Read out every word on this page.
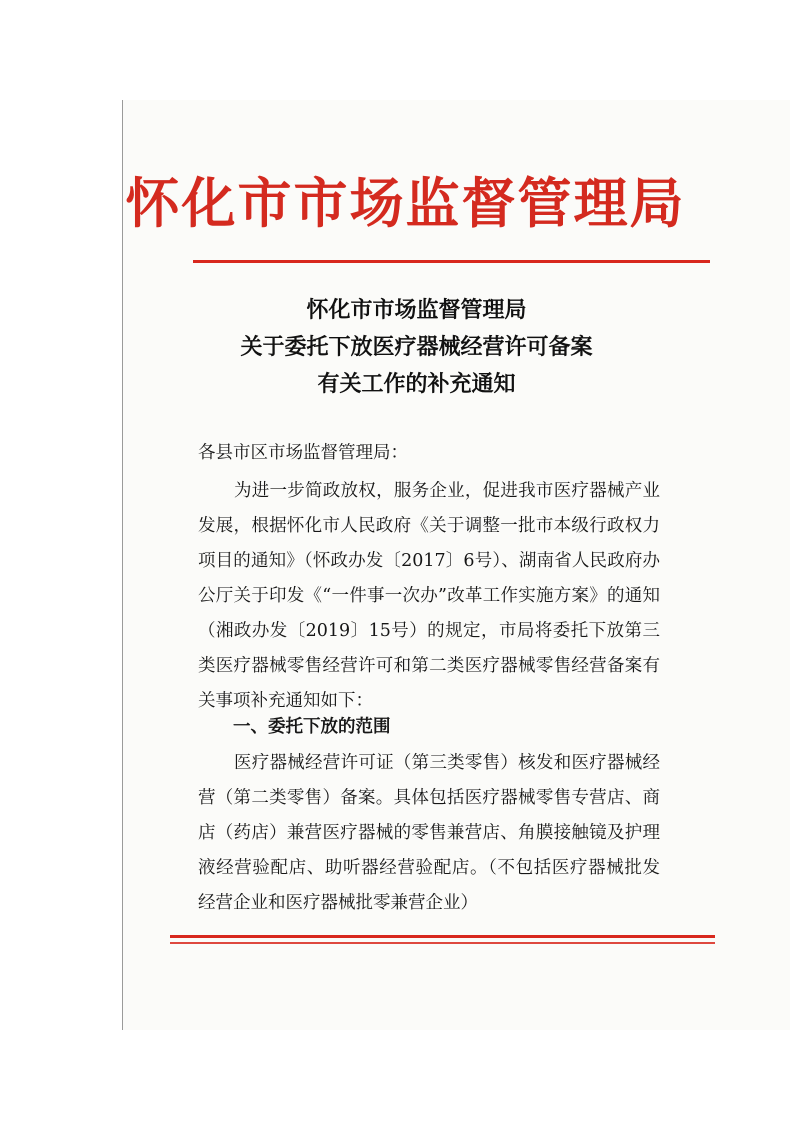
怀化市市场监督管理局
怀化市市场监督管理局
关于委托下放医疗器械经营许可备案
有关工作的补充通知
各县市区市场监督管理局：
为进一步简政放权，服务企业，促进我市医疗器械产业发展，根据怀化市人民政府《关于调整一批市本级行政权力项目的通知》（怀政办发〔2017〕6号）、湖南省人民政府办公厅关于印发《“一件事一次办”改革工作实施方案》的通知（湘政办发〔2019〕15号）的规定，市局将委托下放第三类医疗器械零售经营许可和第二类医疗器械零售经营备案有关事项补充通知如下：
一、委托下放的范围
医疗器械经营许可证（第三类零售）核发和医疗器械经营（第二类零售）备案。具体包括医疗器械零售专营店、商店（药店）兼营医疗器械的零售兼营店、角膜接触镜及护理液经营验配店、助听器经营验配店。（不包括医疗器械批发经营企业和医疗器械批零兼营企业）
